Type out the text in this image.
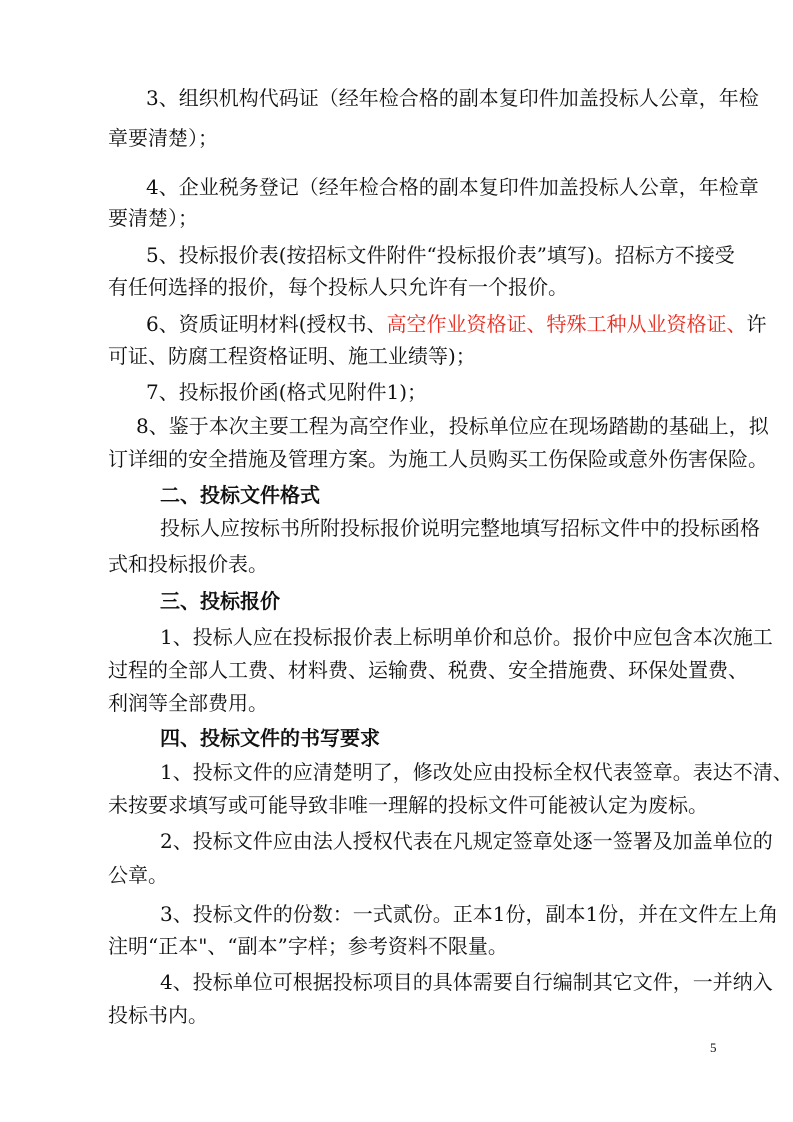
3、组织机构代码证（经年检合格的副本复印件加盖投标人公章，年检
章要清楚）；
4、企业税务登记（经年检合格的副本复印件加盖投标人公章，年检章
要清楚）；
5、投标报价表(按招标文件附件“投标报价表”填写)。招标方不接受
有任何选择的报价，每个投标人只允许有一个报价。
6、资质证明材料(授权书、高空作业资格证、特殊工种从业资格证、许
可证、防腐工程资格证明、施工业绩等)；
7、投标报价函(格式见附件1)；
8、鉴于本次主要工程为高空作业，投标单位应在现场踏勘的基础上，拟
订详细的安全措施及管理方案。为施工人员购买工伤保险或意外伤害保险。
二、投标文件格式
投标人应按标书所附投标报价说明完整地填写招标文件中的投标函格
式和投标报价表。
三、投标报价
1、投标人应在投标报价表上标明单价和总价。报价中应包含本次施工
过程的全部人工费、材料费、运输费、税费、安全措施费、环保处置费、
利润等全部费用。
四、投标文件的书写要求
1、投标文件的应清楚明了，修改处应由投标全权代表签章。表达不清、
未按要求填写或可能导致非唯一理解的投标文件可能被认定为废标。
2、投标文件应由法人授权代表在凡规定签章处逐一签署及加盖单位的
公章。
3、投标文件的份数：一式贰份。正本1份，副本1份，并在文件左上角
注明“正本"、“副本”字样；参考资料不限量。
4、投标单位可根据投标项目的具体需要自行编制其它文件，一并纳入
投标书内。
5
